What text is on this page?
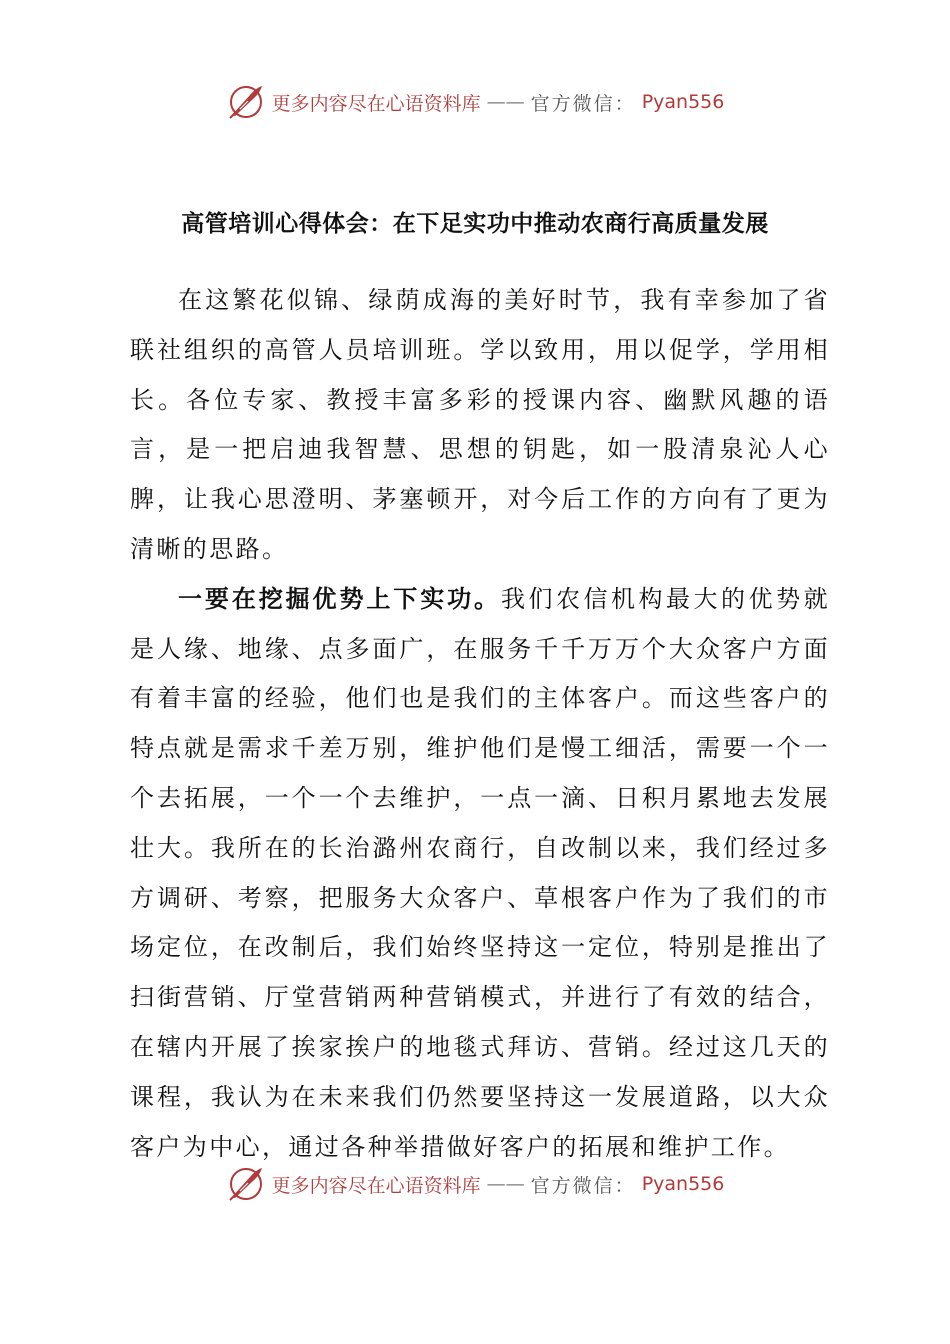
更多内容尽在心语资料库 —— 官方微信： Pyan556
高管培训心得体会：在下足实功中推动农商行高质量发展

在这繁花似锦、绿荫成海的美好时节，我有幸参加了省联社组织的高管人员培训班。学以致用，用以促学，学用相长。各位专家、教授丰富多彩的授课内容、幽默风趣的语言，是一把启迪我智慧、思想的钥匙，如一股清泉沁人心脾，让我心思澄明、茅塞顿开，对今后工作的方向有了更为清晰的思路。

一要在挖掘优势上下实功。我们农信机构最大的优势就是人缘、地缘、点多面广，在服务千千万万个大众客户方面有着丰富的经验，他们也是我们的主体客户。而这些客户的特点就是需求千差万别，维护他们是慢工细活，需要一个一个去拓展，一个一个去维护，一点一滴、日积月累地去发展壮大。我所在的长治潞州农商行，自改制以来，我们经过多方调研、考察，把服务大众客户、草根客户作为了我们的市场定位，在改制后，我们始终坚持这一定位，特别是推出了扫街营销、厅堂营销两种营销模式，并进行了有效的结合，在辖内开展了挨家挨户的地毯式拜访、营销。经过这几天的课程，我认为在未来我们仍然要坚持这一发展道路，以大众客户为中心，通过各种举措做好客户的拓展和维护工作。

更多内容尽在心语资料库 —— 官方微信： Pyan556
